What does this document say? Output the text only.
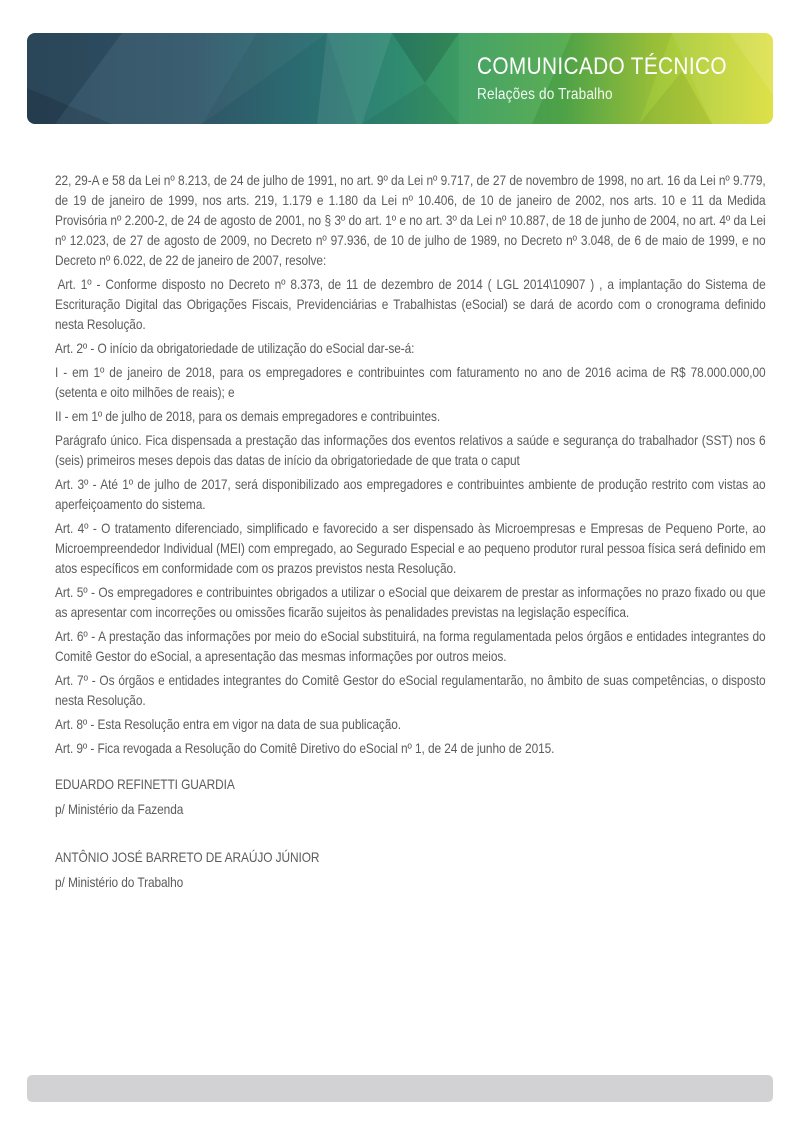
COMUNICADO TÉCNICO
Relações do Trabalho

22, 29-A e 58 da Lei nº 8.213, de 24 de julho de 1991, no art. 9º da Lei nº 9.717, de 27 de novembro de 1998, no art. 16 da Lei nº 9.779, de 19 de janeiro de 1999, nos arts. 219, 1.179 e 1.180 da Lei nº 10.406, de 10 de janeiro de 2002, nos arts. 10 e 11 da Medida Provisória nº 2.200-2, de 24 de agosto de 2001, no § 3º do art. 1º e no art. 3º da Lei nº 10.887, de 18 de junho de 2004, no art. 4º da Lei nº 12.023, de 27 de agosto de 2009, no Decreto nº 97.936, de 10 de julho de 1989, no Decreto nº 3.048, de 6 de maio de 1999, e no Decreto nº 6.022, de 22 de janeiro de 2007, resolve:

Art. 1º - Conforme disposto no Decreto nº 8.373, de 11 de dezembro de 2014 ( LGL 2014\10907 ) , a implantação do Sistema de Escrituração Digital das Obrigações Fiscais, Previdenciárias e Trabalhistas (eSocial) se dará de acordo com o cronograma definido nesta Resolução.

Art. 2º - O início da obrigatoriedade de utilização do eSocial dar-se-á:

I - em 1º de janeiro de 2018, para os empregadores e contribuintes com faturamento no ano de 2016 acima de R$ 78.000.000,00 (setenta e oito milhões de reais); e

II - em 1º de julho de 2018, para os demais empregadores e contribuintes.

Parágrafo único. Fica dispensada a prestação das informações dos eventos relativos a saúde e segurança do trabalhador (SST) nos 6 (seis) primeiros meses depois das datas de início da obrigatoriedade de que trata o caput

Art. 3º - Até 1º de julho de 2017, será disponibilizado aos empregadores e contribuintes ambiente de produção restrito com vistas ao aperfeiçoamento do sistema.

Art. 4º - O tratamento diferenciado, simplificado e favorecido a ser dispensado às Microempresas e Empresas de Pequeno Porte, ao Microempreendedor Individual (MEI) com empregado, ao Segurado Especial e ao pequeno produtor rural pessoa física será definido em atos específicos em conformidade com os prazos previstos nesta Resolução.

Art. 5º - Os empregadores e contribuintes obrigados a utilizar o eSocial que deixarem de prestar as informações no prazo fixado ou que as apresentar com incorreções ou omissões ficarão sujeitos às penalidades previstas na legislação específica.

Art. 6º - A prestação das informações por meio do eSocial substituirá, na forma regulamentada pelos órgãos e entidades integrantes do Comitê Gestor do eSocial, a apresentação das mesmas informações por outros meios.

Art. 7º - Os órgãos e entidades integrantes do Comitê Gestor do eSocial regulamentarão, no âmbito de suas competências, o disposto nesta Resolução.

Art. 8º - Esta Resolução entra em vigor na data de sua publicação.

Art. 9º - Fica revogada a Resolução do Comitê Diretivo do eSocial nº 1, de 24 de junho de 2015.

EDUARDO REFINETTI GUARDIA
p/ Ministério da Fazenda
ANTÔNIO JOSÉ BARRETO DE ARAÚJO JÚNIOR
p/ Ministério do Trabalho
